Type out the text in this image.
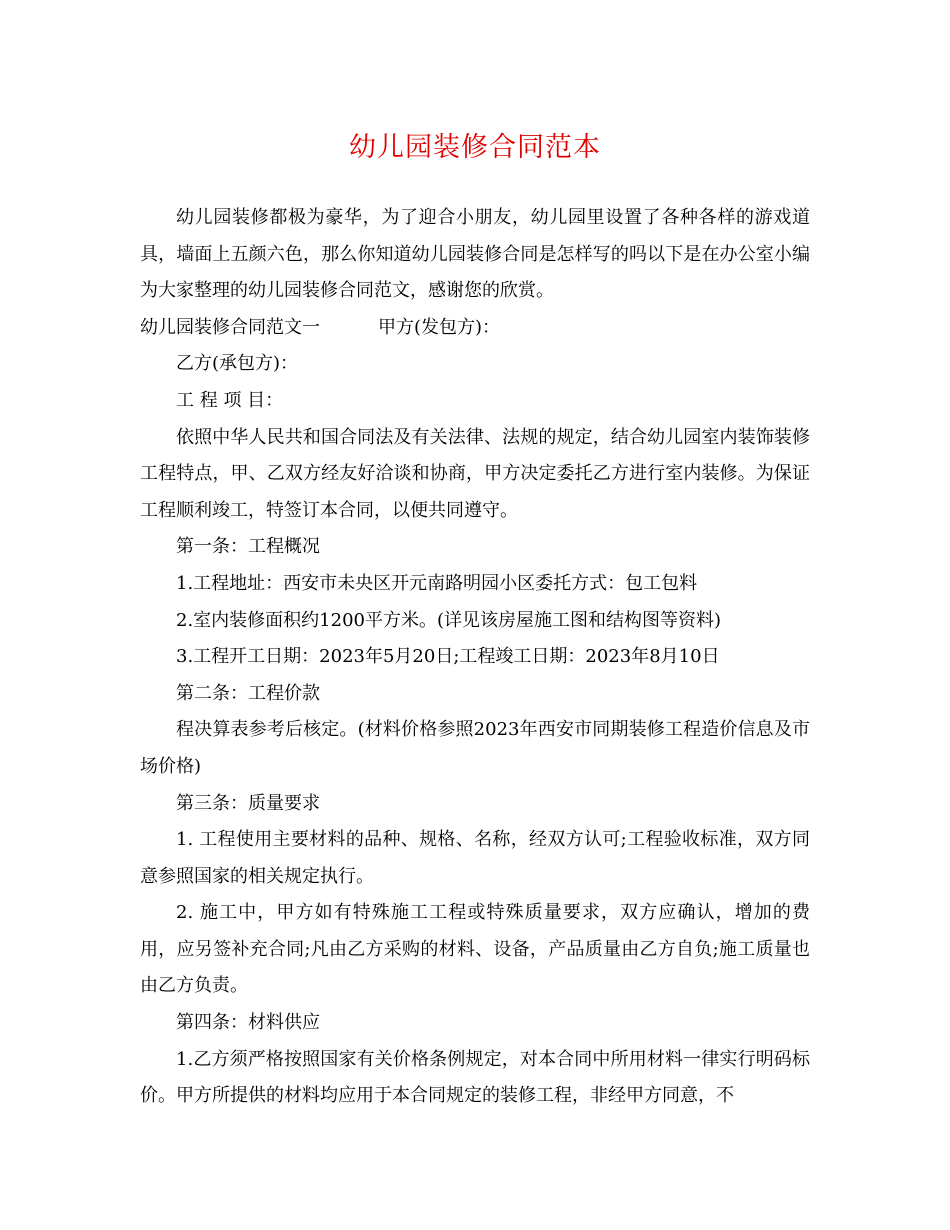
幼儿园装修合同范本

幼儿园装修都极为豪华，为了迎合小朋友，幼儿园里设置了各种各样的游戏道具，墙面上五颜六色，那么你知道幼儿园装修合同是怎样写的吗以下是在办公室小编为大家整理的幼儿园装修合同范文，感谢您的欣赏。

幼儿园装修合同范文一	甲方(发包方)：

乙方(承包方)：

工 程 项 目：

依照中华人民共和国合同法及有关法律、法规的规定，结合幼儿园室内装饰装修工程特点，甲、乙双方经友好洽谈和协商，甲方决定委托乙方进行室内装修。为保证工程顺利竣工，特签订本合同，以便共同遵守。

第一条：工程概况

1.工程地址：西安市未央区开元南路明园小区委托方式：包工包料

2.室内装修面积约1200平方米。(详见该房屋施工图和结构图等资料)

3.工程开工日期：2023年5月20日;工程竣工日期：2023年8月10日

第二条：工程价款

程决算表参考后核定。(材料价格参照2023年西安市同期装修工程造价信息及市场价格)

第三条：质量要求

1. 工程使用主要材料的品种、规格、名称，经双方认可;工程验收标准，双方同意参照国家的相关规定执行。

2. 施工中，甲方如有特殊施工工程或特殊质量要求，双方应确认，增加的费用，应另签补充合同;凡由乙方采购的材料、设备，产品质量由乙方自负;施工质量也由乙方负责。

第四条：材料供应

1.乙方须严格按照国家有关价格条例规定，对本合同中所用材料一律实行明码标价。甲方所提供的材料均应用于本合同规定的装修工程，非经甲方同意，不
